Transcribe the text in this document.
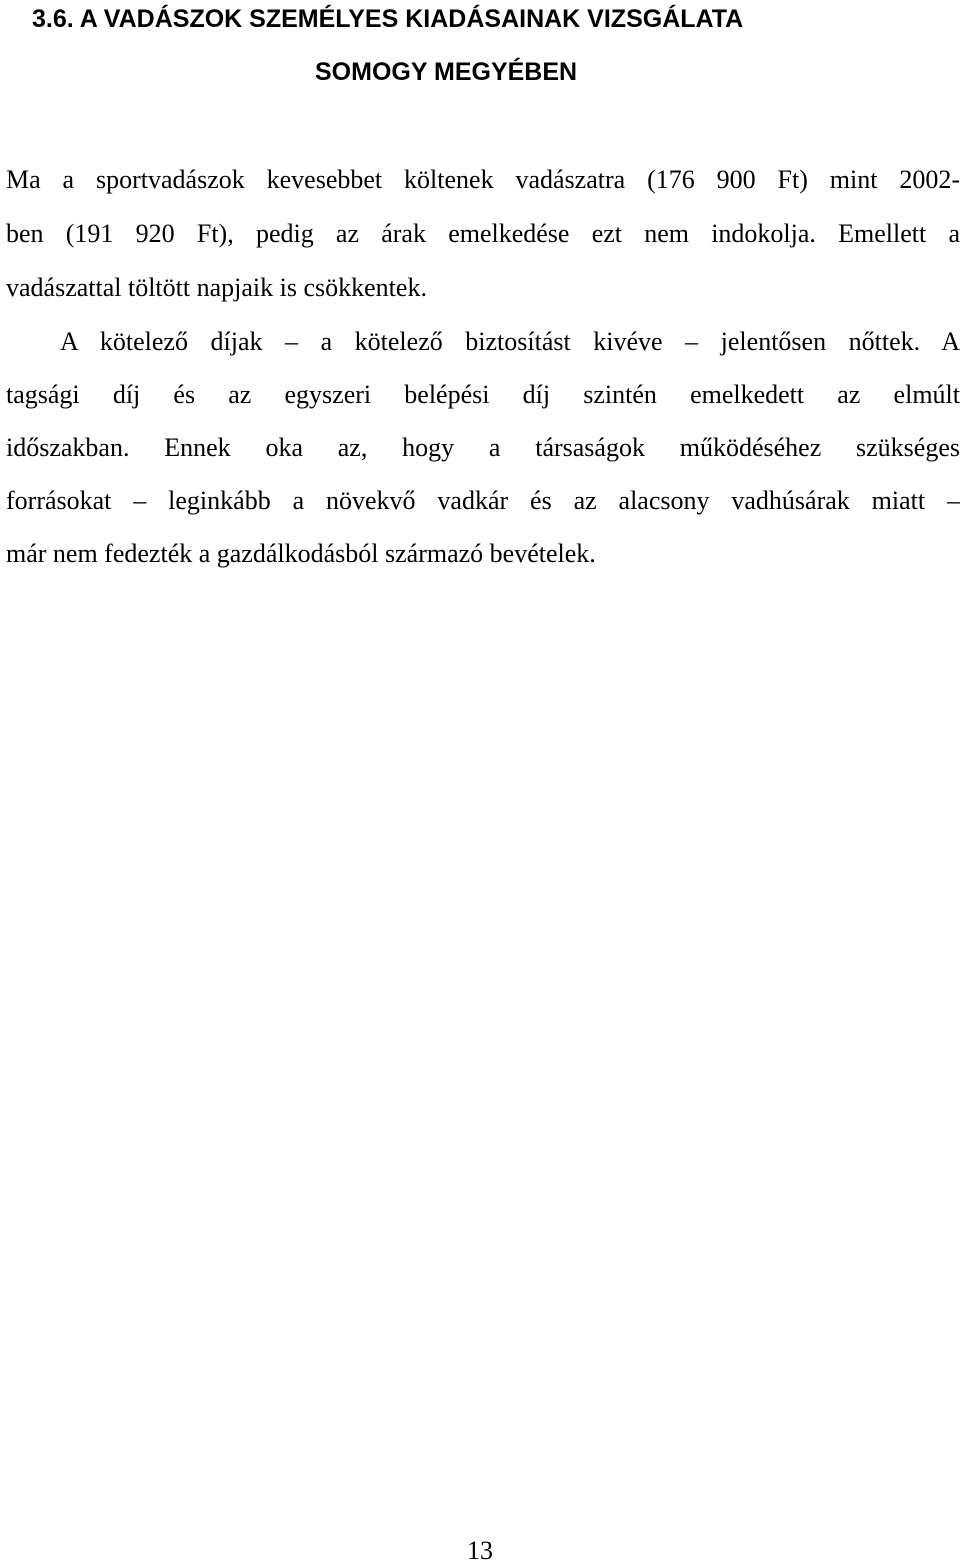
3.6. A VADÁSZOK SZEMÉLYES KIADÁSAINAK VIZSGÁLATA
SOMOGY MEGYÉBEN
Ma a sportvadászok kevesebbet költenek vadászatra (176 900 Ft) mint 2002-
ben (191 920 Ft), pedig az árak emelkedése ezt nem indokolja. Emellett a
vadászattal töltött napjaik is csökkentek.
A kötelező díjak – a kötelező biztosítást kivéve – jelentősen nőttek. A
tagsági díj és az egyszeri belépési díj szintén emelkedett az elmúlt
időszakban. Ennek oka az, hogy a társaságok működéséhez szükséges
forrásokat – leginkább a növekvő vadkár és az alacsony vadhúsárak miatt –
már nem fedezték a gazdálkodásból származó bevételek.
13
